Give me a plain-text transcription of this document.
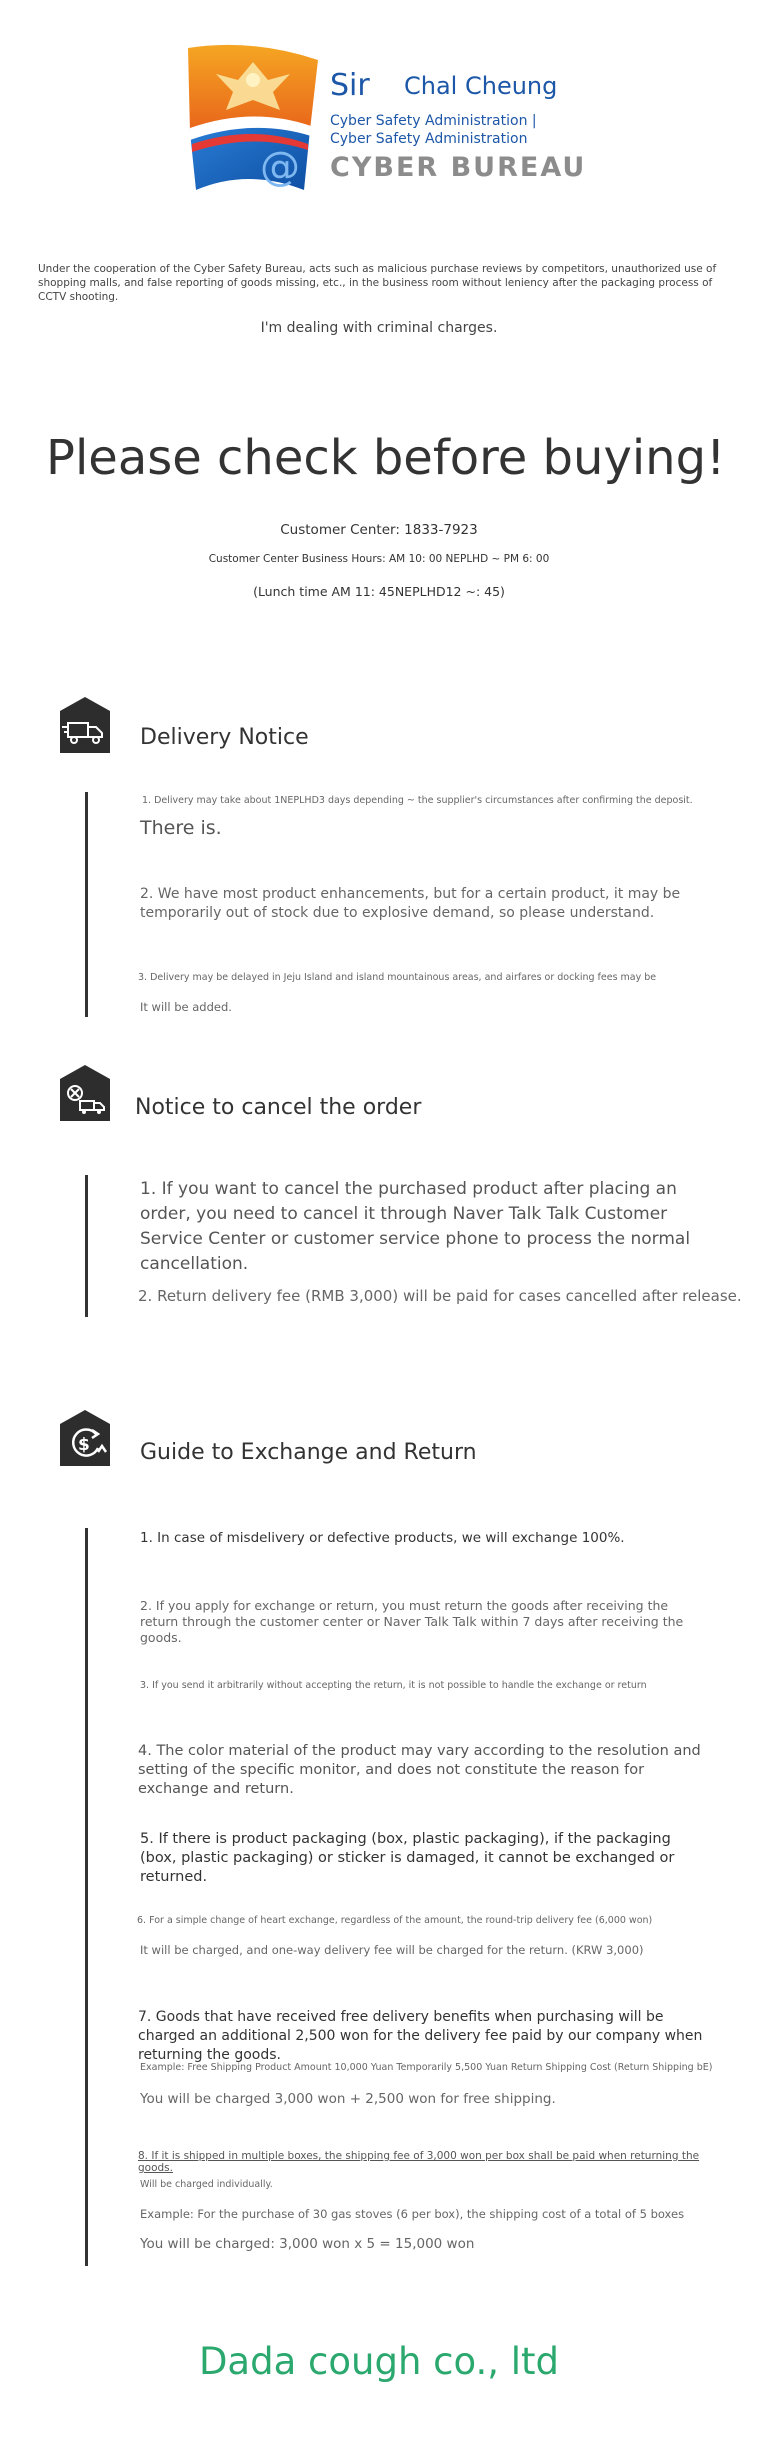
@
Sir Chal Cheung
Cyber Safety Administration |
Cyber Safety Administration
CYBER BUREAU
Under the cooperation of the Cyber Safety Bureau, acts such as malicious purchase reviews by competitors, unauthorized use of shopping malls, and false reporting of goods missing, etc., in the business room without leniency after the packaging process of CCTV shooting.
I'm dealing with criminal charges.
Please check before buying!
Customer Center: 1833-7923
Customer Center Business Hours: AM 10: 00 NEPLHD ~ PM 6: 00
(Lunch time AM 11: 45NEPLHD12 ~: 45)
Delivery Notice
1. Delivery may take about 1NEPLHD3 days depending ~ the supplier's circumstances after confirming the deposit.
There is.
2. We have most product enhancements, but for a certain product, it may be temporarily out of stock due to explosive demand, so please understand.
3. Delivery may be delayed in Jeju Island and island mountainous areas, and airfares or docking fees may be
It will be added.
Notice to cancel the order
1. If you want to cancel the purchased product after placing an order, you need to cancel it through Naver Talk Talk Customer Service Center or customer service phone to process the normal cancellation.
2. Return delivery fee (RMB 3,000) will be paid for cases cancelled after release.
$ Guide to Exchange and Return
1. In case of misdelivery or defective products, we will exchange 100%.
2. If you apply for exchange or return, you must return the goods after receiving the return through the customer center or Naver Talk Talk within 7 days after receiving the goods.
3. If you send it arbitrarily without accepting the return, it is not possible to handle the exchange or return
4. The color material of the product may vary according to the resolution and setting of the specific monitor, and does not constitute the reason for exchange and return.
5. If there is product packaging (box, plastic packaging), if the packaging (box, plastic packaging) or sticker is damaged, it cannot be exchanged or returned.
6. For a simple change of heart exchange, regardless of the amount, the round-trip delivery fee (6,000 won)
It will be charged, and one-way delivery fee will be charged for the return. (KRW 3,000)
7. Goods that have received free delivery benefits when purchasing will be charged an additional 2,500 won for the delivery fee paid by our company when returning the goods.
Example: Free Shipping Product Amount 10,000 Yuan Temporarily 5,500 Yuan Return Shipping Cost (Return Shipping bE)
You will be charged 3,000 won + 2,500 won for free shipping.
8. If it is shipped in multiple boxes, the shipping fee of 3,000 won per box shall be paid when returning the goods.
Will be charged individually.
Example: For the purchase of 30 gas stoves (6 per box), the shipping cost of a total of 5 boxes
You will be charged: 3,000 won x 5 = 15,000 won
Dada cough co., ltd
